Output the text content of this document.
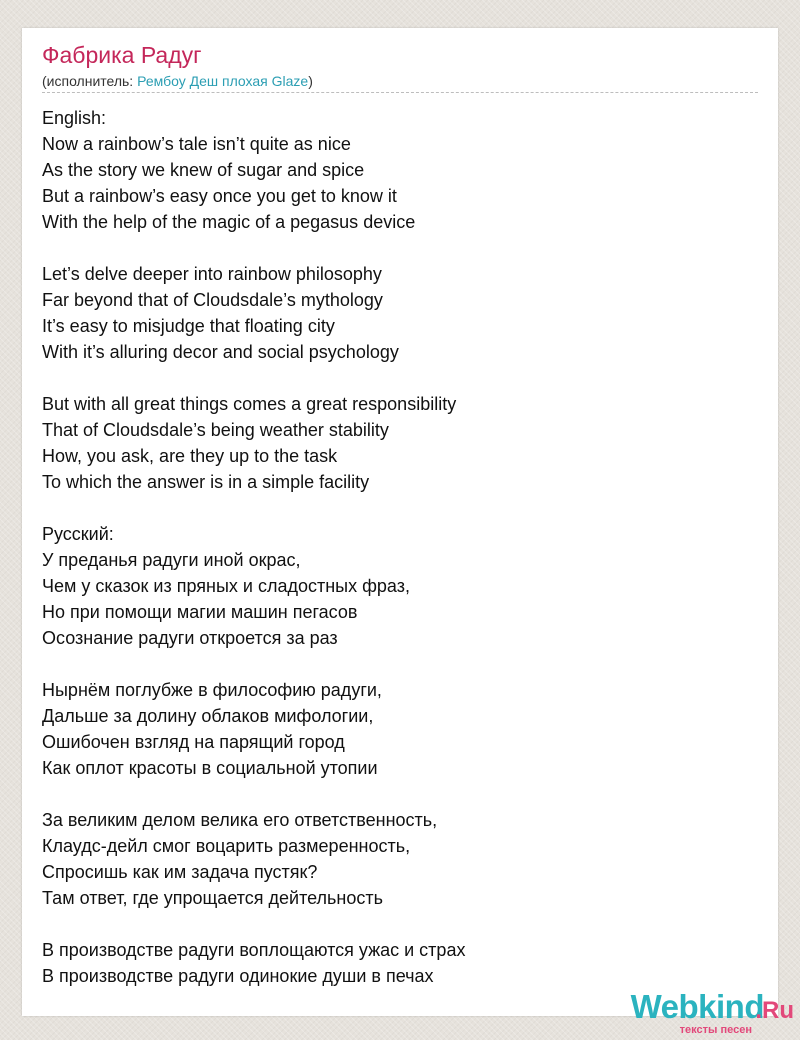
Фабрика Радуг
(исполнитель: Рембоу Деш плохая Glaze)
English:
Now a rainbow’s tale isn’t quite as nice
As the story we knew of sugar and spice
But a rainbow’s easy once you get to know it
With the help of the magic of a pegasus device
Let’s delve deeper into rainbow philosophy
Far beyond that of Cloudsdale’s mythology
It’s easy to misjudge that floating city
With it’s alluring decor and social psychology
But with all great things comes a great responsibility
That of Cloudsdale’s being weather stability
How, you ask, are they up to the task
To which the answer is in a simple facility
Русский:
У преданья радуги иной окрас,
Чем у сказок из пряных и сладостных фраз,
Но при помощи магии машин пегасов
Осознание радуги откроется за раз
Нырнём поглубже в философию радуги,
Дальше за долину облаков мифологии,
Ошибочен взгляд на парящий город
Как оплот красоты в социальной утопии
За великим делом велика его ответственность,
Клаудс-дейл смог воцарить размеренность,
Спросишь как им задача пустяк?
Там ответ, где упрощается дейтельность
В производстве радуги воплощаются ужас и страх
В производстве радуги одинокие души в печах
Webkind
.Ru
тексты песен
